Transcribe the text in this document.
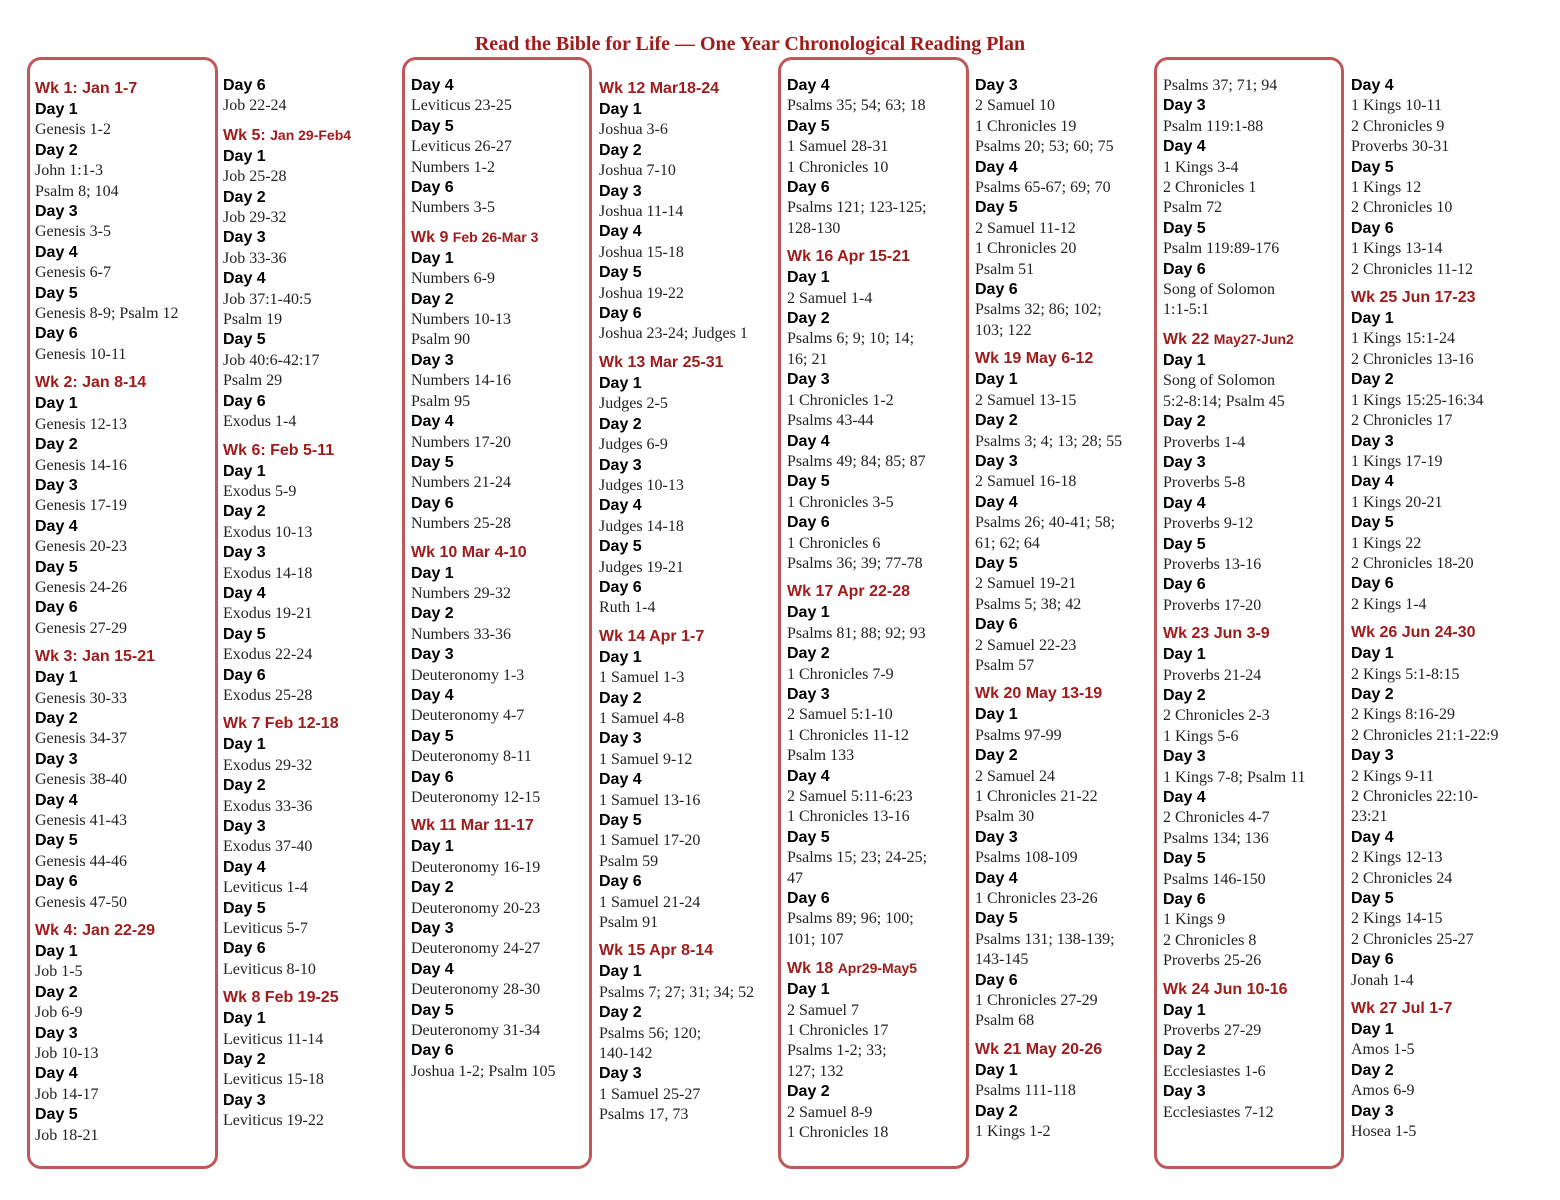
Read the Bible for Life — One Year Chronological Reading Plan
Wk 1: Jan 1-7
Day 1
Genesis 1-2
Day 2
John 1:1-3
Psalm 8; 104
Day 3
Genesis 3-5
Day 4
Genesis 6-7
Day 5
Genesis 8-9; Psalm 12
Day 6
Genesis 10-11
Wk 2: Jan 8-14
Day 1
Genesis 12-13
Day 2
Genesis 14-16
Day 3
Genesis 17-19
Day 4
Genesis 20-23
Day 5
Genesis 24-26
Day 6
Genesis 27-29
Wk 3: Jan 15-21
Day 1
Genesis 30-33
Day 2
Genesis 34-37
Day 3
Genesis 38-40
Day 4
Genesis 41-43
Day 5
Genesis 44-46
Day 6
Genesis 47-50
Wk 4: Jan 22-29
Day 1
Job 1-5
Day 2
Job 6-9
Day 3
Job 10-13
Day 4
Job 14-17
Day 5
Job 18-21
Day 6
Job 22-24
Wk 5: Jan 29-Feb4
Day 1
Job 25-28
Day 2
Job 29-32
Day 3
Job 33-36
Day 4
Job 37:1-40:5
Psalm 19
Day 5
Job 40:6-42:17
Psalm 29
Day 6
Exodus 1-4
Wk 6: Feb 5-11
Day 1
Exodus 5-9
Day 2
Exodus 10-13
Day 3
Exodus 14-18
Day 4
Exodus 19-21
Day 5
Exodus 22-24
Day 6
Exodus 25-28
Wk 7 Feb 12-18
Day 1
Exodus 29-32
Day 2
Exodus 33-36
Day 3
Exodus 37-40
Day 4
Leviticus 1-4
Day 5
Leviticus 5-7
Day 6
Leviticus 8-10
Wk 8 Feb 19-25
Day 1
Leviticus 11-14
Day 2
Leviticus 15-18
Day 3
Leviticus 19-22
Day 4
Leviticus 23-25
Day 5
Leviticus 26-27
Numbers 1-2
Day 6
Numbers 3-5
Wk 9 Feb 26-Mar 3
Day 1
Numbers 6-9
Day 2
Numbers 10-13
Psalm 90
Day 3
Numbers 14-16
Psalm 95
Day 4
Numbers 17-20
Day 5
Numbers 21-24
Day 6
Numbers 25-28
Wk 10 Mar 4-10
Day 1
Numbers 29-32
Day 2
Numbers 33-36
Day 3
Deuteronomy 1-3
Day 4
Deuteronomy 4-7
Day 5
Deuteronomy 8-11
Day 6
Deuteronomy 12-15
Wk 11 Mar 11-17
Day 1
Deuteronomy 16-19
Day 2
Deuteronomy 20-23
Day 3
Deuteronomy 24-27
Day 4
Deuteronomy 28-30
Day 5
Deuteronomy 31-34
Day 6
Joshua 1-2; Psalm 105
Wk 12 Mar18-24
Day 1
Joshua 3-6
Day 2
Joshua 7-10
Day 3
Joshua 11-14
Day 4
Joshua 15-18
Day 5
Joshua 19-22
Day 6
Joshua 23-24; Judges 1
Wk 13 Mar 25-31
Day 1
Judges 2-5
Day 2
Judges 6-9
Day 3
Judges 10-13
Day 4
Judges 14-18
Day 5
Judges 19-21
Day 6
Ruth 1-4
Wk 14 Apr 1-7
Day 1
1 Samuel 1-3
Day 2
1 Samuel 4-8
Day 3
1 Samuel 9-12
Day 4
1 Samuel 13-16
Day 5
1 Samuel 17-20
Psalm 59
Day 6
1 Samuel 21-24
Psalm 91
Wk 15 Apr 8-14
Day 1
Psalms 7; 27; 31; 34; 52
Day 2
Psalms 56; 120;
140-142
Day 3
1 Samuel 25-27
Psalms 17, 73
Day 4
Psalms 35; 54; 63; 18
Day 5
1 Samuel 28-31
1 Chronicles 10
Day 6
Psalms 121; 123-125;
128-130
Wk 16 Apr 15-21
Day 1
2 Samuel 1-4
Day 2
Psalms 6; 9; 10; 14;
16; 21
Day 3
1 Chronicles 1-2
Psalms 43-44
Day 4
Psalms 49; 84; 85; 87
Day 5
1 Chronicles 3-5
Day 6
1 Chronicles 6
Psalms 36; 39; 77-78
Wk 17 Apr 22-28
Day 1
Psalms 81; 88; 92; 93
Day 2
1 Chronicles 7-9
Day 3
2 Samuel 5:1-10
1 Chronicles 11-12
Psalm 133
Day 4
2 Samuel 5:11-6:23
1 Chronicles 13-16
Day 5
Psalms 15; 23; 24-25;
47
Day 6
Psalms 89; 96; 100;
101; 107
Wk 18 Apr29-May5
Day 1
2 Samuel 7
1 Chronicles 17
Psalms 1-2; 33;
127; 132
Day 2
2 Samuel 8-9
1 Chronicles 18
Day 3
2 Samuel 10
1 Chronicles 19
Psalms 20; 53; 60; 75
Day 4
Psalms 65-67; 69; 70
Day 5
2 Samuel 11-12
1 Chronicles 20
Psalm 51
Day 6
Psalms 32; 86; 102;
103; 122
Wk 19 May 6-12
Day 1
2 Samuel 13-15
Day 2
Psalms 3; 4; 13; 28; 55
Day 3
2 Samuel 16-18
Day 4
Psalms 26; 40-41; 58;
61; 62; 64
Day 5
2 Samuel 19-21
Psalms 5; 38; 42
Day 6
2 Samuel 22-23
Psalm 57
Wk 20 May 13-19
Day 1
Psalms 97-99
Day 2
2 Samuel 24
1 Chronicles 21-22
Psalm 30
Day 3
Psalms 108-109
Day 4
1 Chronicles 23-26
Day 5
Psalms 131; 138-139;
143-145
Day 6
1 Chronicles 27-29
Psalm 68
Wk 21 May 20-26
Day 1
Psalms 111-118
Day 2
1 Kings 1-2
Psalms 37; 71; 94
Day 3
Psalm 119:1-88
Day 4
1 Kings 3-4
2 Chronicles 1
Psalm 72
Day 5
Psalm 119:89-176
Day 6
Song of Solomon
1:1-5:1
Wk 22 May27-Jun2
Day 1
Song of Solomon
5:2-8:14; Psalm 45
Day 2
Proverbs 1-4
Day 3
Proverbs 5-8
Day 4
Proverbs 9-12
Day 5
Proverbs 13-16
Day 6
Proverbs 17-20
Wk 23 Jun 3-9
Day 1
Proverbs 21-24
Day 2
2 Chronicles 2-3
1 Kings 5-6
Day 3
1 Kings 7-8; Psalm 11
Day 4
2 Chronicles 4-7
Psalms 134; 136
Day 5
Psalms 146-150
Day 6
1 Kings 9
2 Chronicles 8
Proverbs 25-26
Wk 24 Jun 10-16
Day 1
Proverbs 27-29
Day 2
Ecclesiastes 1-6
Day 3
Ecclesiastes 7-12
Day 4
1 Kings 10-11
2 Chronicles 9
Proverbs 30-31
Day 5
1 Kings 12
2 Chronicles 10
Day 6
1 Kings 13-14
2 Chronicles 11-12
Wk 25 Jun 17-23
Day 1
1 Kings 15:1-24
2 Chronicles 13-16
Day 2
1 Kings 15:25-16:34
2 Chronicles 17
Day 3
1 Kings 17-19
Day 4
1 Kings 20-21
Day 5
1 Kings 22
2 Chronicles 18-20
Day 6
2 Kings 1-4
Wk 26 Jun 24-30
Day 1
2 Kings 5:1-8:15
Day 2
2 Kings 8:16-29
2 Chronicles 21:1-22:9
Day 3
2 Kings 9-11
2 Chronicles 22:10-
23:21
Day 4
2 Kings 12-13
2 Chronicles 24
Day 5
2 Kings 14-15
2 Chronicles 25-27
Day 6
Jonah 1-4
Wk 27 Jul 1-7
Day 1
Amos 1-5
Day 2
Amos 6-9
Day 3
Hosea 1-5
